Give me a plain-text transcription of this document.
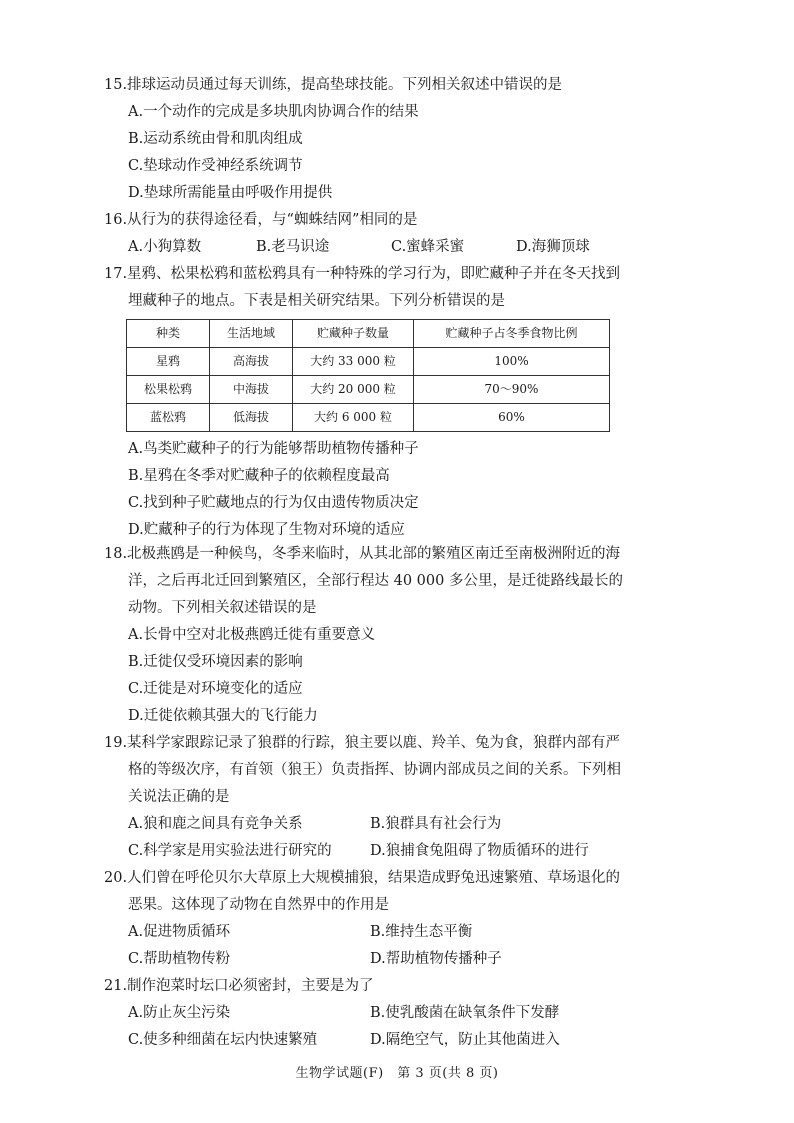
15.排球运动员通过每天训练，提高垫球技能。下列相关叙述中错误的是

A.一个动作的完成是多块肌肉协调合作的结果

B.运动系统由骨和肌肉组成

C.垫球动作受神经系统调节

D.垫球所需能量由呼吸作用提供

16.从行为的获得途径看，与“蜘蛛结网”相同的是

A.小狗算数	B.老马识途	C.蜜蜂采蜜	D.海狮顶球

17.星鸦、松果松鸦和蓝松鸦具有一种特殊的学习行为，即贮藏种子并在冬天找到埋藏种子的地点。下表是相关研究结果。下列分析错误的是

种类	生活地域	贮藏种子数量	贮藏种子占冬季食物比例
星鸦	高海拔	大约 33 000 粒	100%
松果松鸦	中海拔	大约 20 000 粒	70～90%
蓝松鸦	低海拔	大约 6 000 粒	60%

A.鸟类贮藏种子的行为能够帮助植物传播种子

B.星鸦在冬季对贮藏种子的依赖程度最高

C.找到种子贮藏地点的行为仅由遗传物质决定

D.贮藏种子的行为体现了生物对环境的适应

18.北极燕鸥是一种候鸟，冬季来临时，从其北部的繁殖区南迁至南极洲附近的海洋，之后再北迁回到繁殖区，全部行程达 40 000 多公里，是迁徙路线最长的动物。下列相关叙述错误的是

A.长骨中空对北极燕鸥迁徙有重要意义

B.迁徙仅受环境因素的影响

C.迁徙是对环境变化的适应

D.迁徙依赖其强大的飞行能力

19.某科学家跟踪记录了狼群的行踪，狼主要以鹿、羚羊、兔为食，狼群内部有严格的等级次序，有首领（狼王）负责指挥、协调内部成员之间的关系。下列相关说法正确的是

A.狼和鹿之间具有竞争关系	B.狼群具有社会行为
C.科学家是用实验法进行研究的	D.狼捕食兔阻碍了物质循环的进行

20.人们曾在呼伦贝尔大草原上大规模捕狼，结果造成野兔迅速繁殖、草场退化的恶果。这体现了动物在自然界中的作用是

A.促进物质循环	B.维持生态平衡
C.帮助植物传粉	D.帮助植物传播种子

21.制作泡菜时坛口必须密封，主要是为了

A.防止灰尘污染	B.使乳酸菌在缺氧条件下发酵
C.使多种细菌在坛内快速繁殖	D.隔绝空气，防止其他菌进入
生物学试题(F)　第 3 页(共 8 页)
